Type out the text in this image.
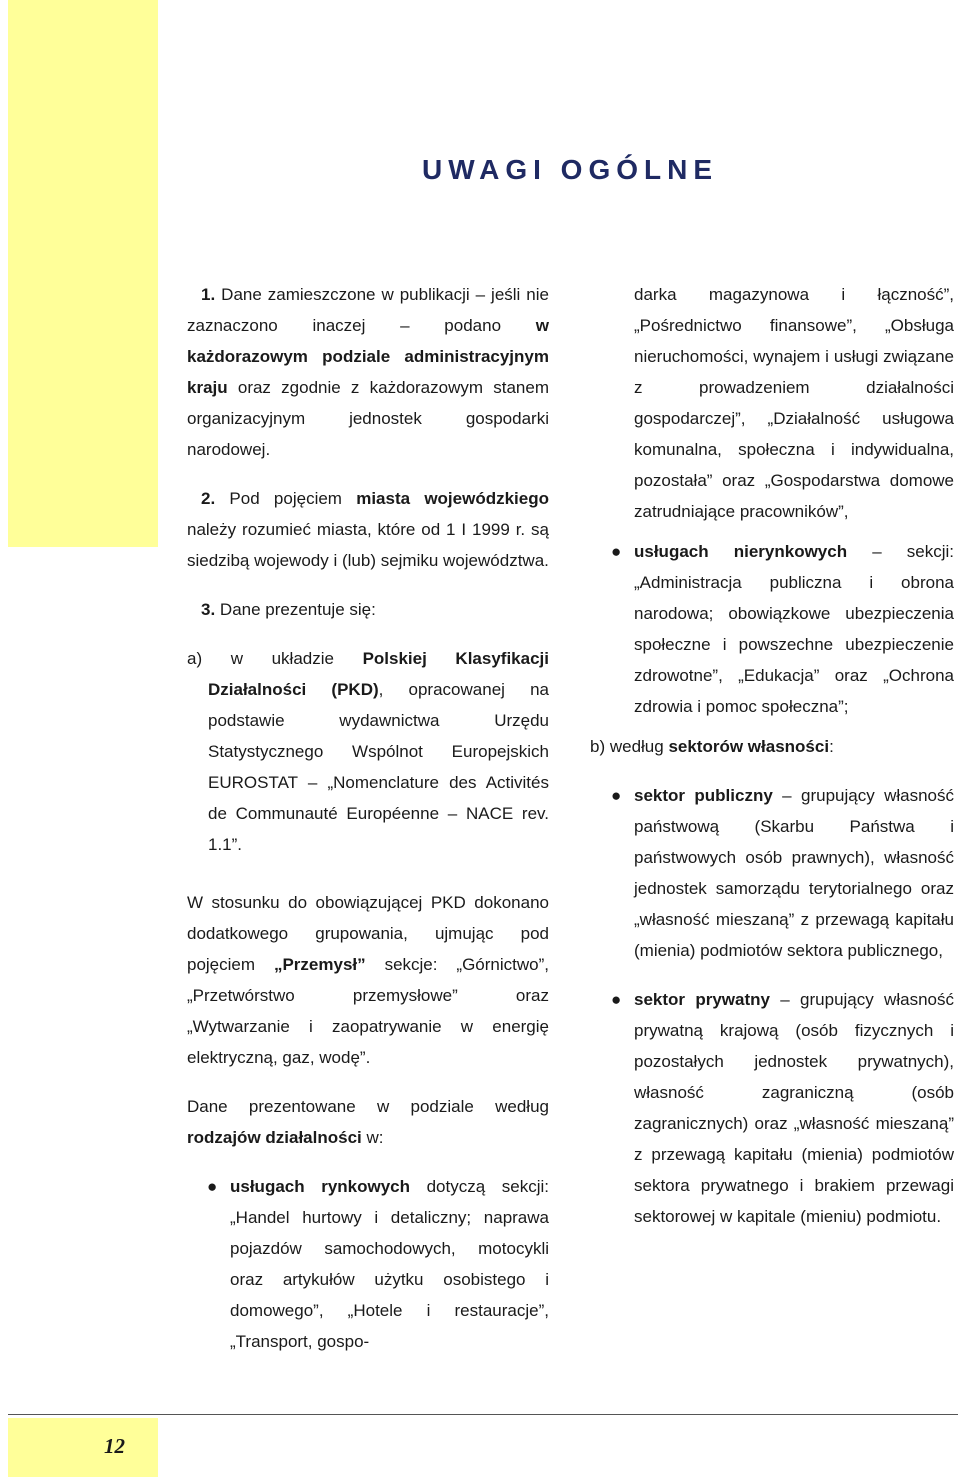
UWAGI OGÓLNE

1. Dane zamieszczone w publikacji – jeśli nie zaznaczono inaczej – podano w każdorazowym podziale administracyjnym kraju oraz zgodnie z każdorazowym stanem organizacyjnym jednostek gospodarki narodowej.

2. Pod pojęciem miasta wojewódzkiego należy rozumieć miasta, które od 1 I 1999 r. są siedzibą wojewody i (lub) sejmiku województwa.

3. Dane prezentuje się:

a) w układzie Polskiej Klasyfikacji Działalności (PKD), opracowanej na podstawie wydawnictwa Urzędu Statystycznego Wspólnot Europejskich EUROSTAT – „Nomenclature des Activités de Communauté Européenne – NACE rev. 1.1”.

W stosunku do obowiązującej PKD dokonano dodatkowego grupowania, ujmując pod pojęciem „Przemysł” sekcje: „Górnictwo”, „Przetwórstwo przemysłowe” oraz „Wytwarzanie i zaopatrywanie w energię elektryczną, gaz, wodę”.

Dane prezentowane w podziale według rodzajów działalności w:

● usługach rynkowych dotyczą sekcji: „Handel hurtowy i detaliczny; naprawa pojazdów samochodowych, motocykli oraz artykułów użytku osobistego i domowego”, „Hotele i restauracje”, „Transport, gospo-

darka magazynowa i łączność”, „Pośrednictwo finansowe”, „Obsługa nieruchomości, wynajem i usługi związane z prowadzeniem działalności gospodarczej”, „Działalność usługowa komunalna, społeczna i indywidualna, pozostała” oraz „Gospodarstwa domowe zatrudniające pracowników”,

● usługach nierynkowych – sekcji: „Administracja publiczna i obrona narodowa; obowiązkowe ubezpieczenia społeczne i powszechne ubezpieczenie zdrowotne”, „Edukacja” oraz „Ochrona zdrowia i pomoc społeczna”;

b) według sektorów własności:

● sektor publiczny – grupujący własność państwową (Skarbu Państwa i państwowych osób prawnych), własność jednostek samorządu terytorialnego oraz „własność mieszaną” z przewagą kapitału (mienia) podmiotów sektora publicznego,
● sektor prywatny – grupujący własność prywatną krajową (osób fizycznych i pozostałych jednostek prywatnych), własność zagraniczną (osób zagranicznych) oraz „własność mieszaną” z przewagą kapitału (mienia) podmiotów sektora prywatnego i brakiem przewagi sektorowej w kapitale (mieniu) podmiotu.
12
